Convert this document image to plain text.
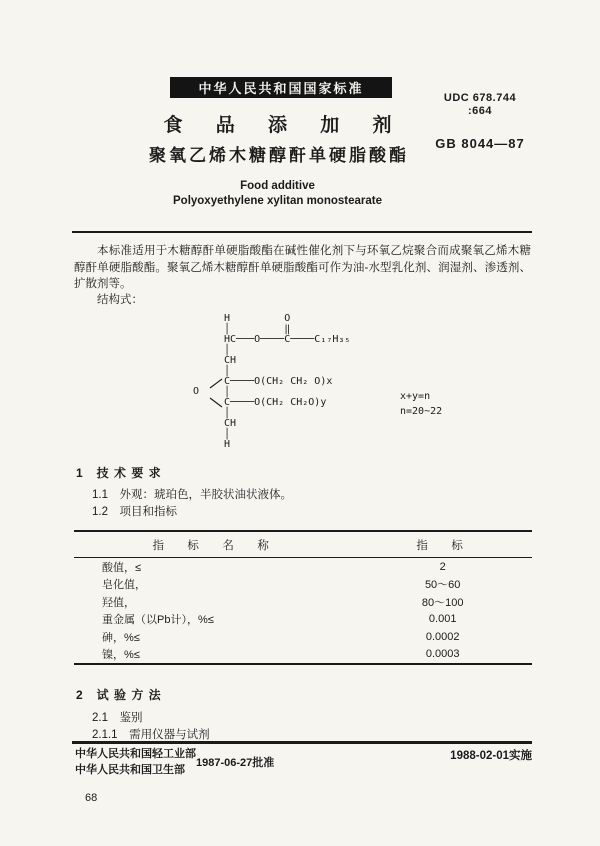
中华人民共和国国家标准
UDC 678.744
:664
食 品 添 加 剂
GB 8044—87
聚氧乙烯木糖醇酐单硬脂酸酯
Food additive
Polyoxyethylene xylitan monostearate

本标准适用于木糖醇酐单硬脂酸酯在碱性催化剂下与环氧乙烷聚合而成聚氧乙烯木糖醇酐单硬脂酸酯。聚氧乙烯木糖醇酐单硬脂酸酯可作为油-水型乳化剂、润湿剂、渗透剂、扩散剂等。

结构式：
O
H         O
│         ‖
HC───O────C────C₁₇H₃₅
│
CH
│
C────O(CH₂ CH₂ O)x
│
C────O(CH₂ CH₂O)y
│
CH
│
H
x+y=n
n=20~22
1　技 术 要 求
1.1　外观：琥珀色，半胶状油状液体。
1.2　项目和指标
指　标　名　称	指　标
酸值，≤	2
皂化值，	50～60
羟值，	80～100
重金属（以Pb计），%≤	0.001
砷，%≤	0.0002
镍，%≤	0.0003
2　试 验 方 法
2.1　鉴别
2.1.1　需用仪器与试剂
中华人民共和国轻工业部
中华人民共和国卫生部
1987-06-27批准
1988-02-01实施
68
